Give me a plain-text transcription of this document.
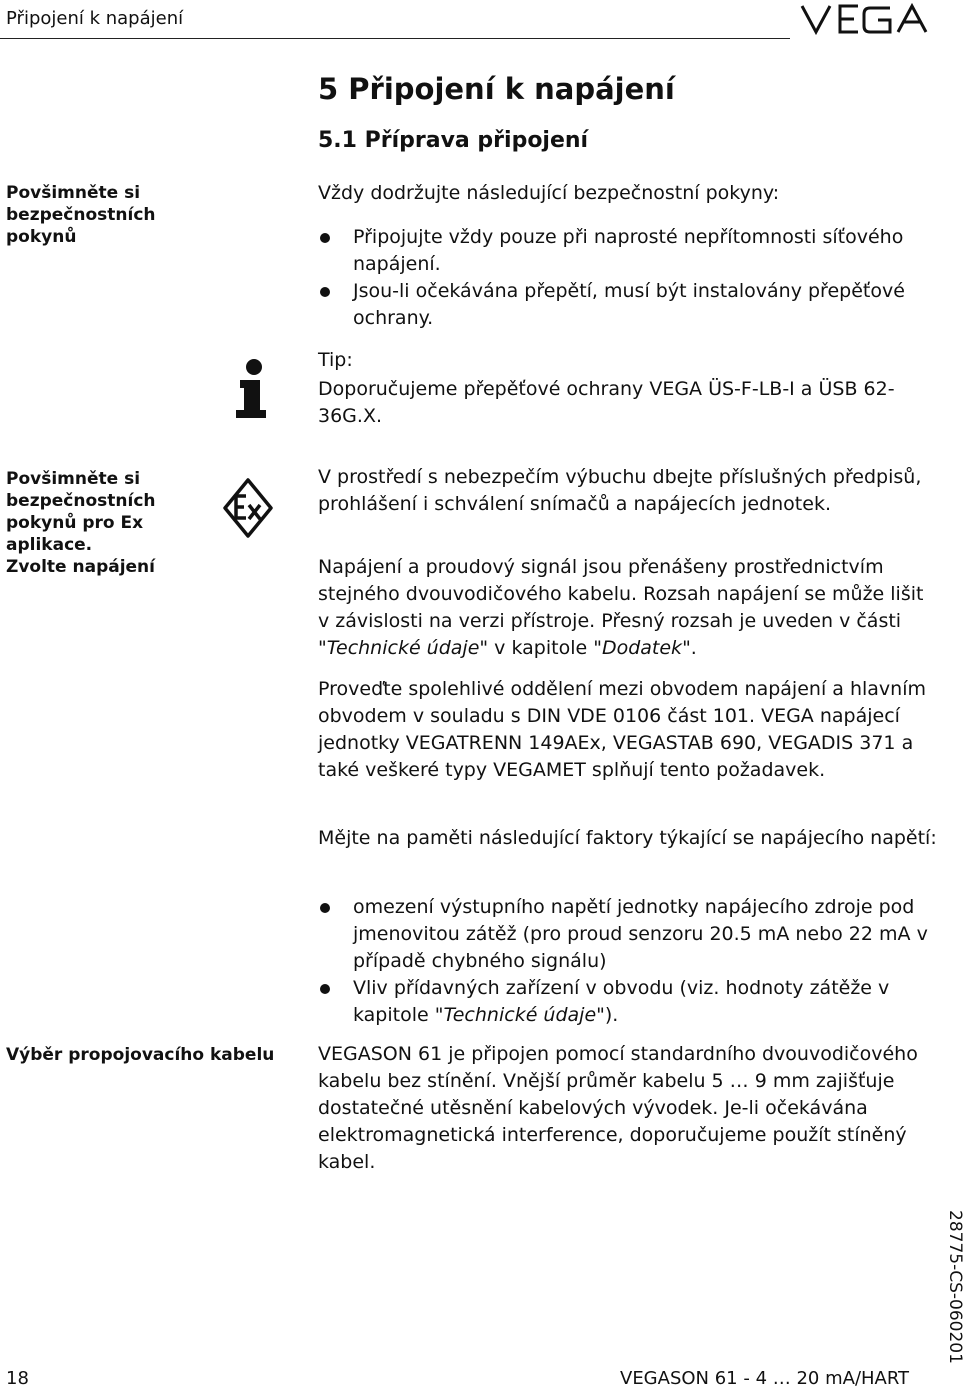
Připojení k napájení
5 Připojení k napájení
5.1 Příprava připojení
Povšimněte si bezpečnostních pokynů
Povšimněte si bezpečnostních pokynů pro Ex aplikace.
Zvolte napájení
Výběr propojovacího kabelu
Vždy dodržujte následující bezpečnostní pokyny:
Připojujte vždy pouze při naprosté nepřítomnosti síťového napájení.
Jsou-li očekávána přepětí, musí být instalovány přepěťové ochrany.
Tip:
Doporučujeme přepěťové ochrany VEGA ÜS-F-LB-I a ÜSB 62-36G.X.
V prostředí s nebezpečím výbuchu dbejte příslušných předpisů, prohlášení i schválení snímačů a napájecích jednotek.
Napájení a proudový signál jsou přenášeny prostřednictvím stejného dvouvodičového kabelu. Rozsah napájení se může lišit v závislosti na verzi přístroje. Přesný rozsah je uveden v části "Technické údaje" v kapitole "Dodatek".
Proveďte spolehlivé oddělení mezi obvodem napájení a hlavním obvodem v souladu s DIN VDE 0106 část 101. VEGA napájecí jednotky VEGATRENN 149AEx, VEGASTAB 690, VEGADIS 371 a také veškeré typy VEGAMET splňují tento požadavek.
Mějte na paměti následující faktory týkající se napájecího napětí:
omezení výstupního napětí jednotky napájecího zdroje pod jmenovitou zátěž (pro proud senzoru 20.5 mA nebo 22 mA v případě chybného signálu)
Vliv přídavných zařízení v obvodu (viz. hodnoty zátěže v kapitole "Technické údaje").
VEGASON 61 je připojen pomocí standardního dvouvodičového kabelu bez stínění. Vnější průměr kabelu 5 … 9 mm zajišťuje dostatečné utěsnění kabelových vývodek. Je-li očekávána elektromagnetická interference, doporučujeme použít stíněný kabel.
28775-CS-060201
18	VEGASON 61 - 4 … 20 mA/HART
